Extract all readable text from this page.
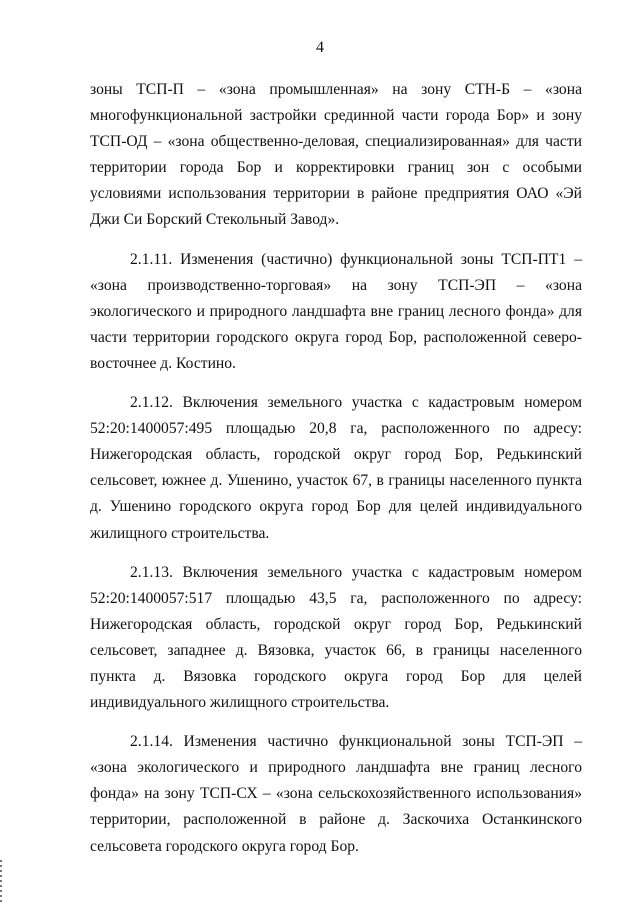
4

зоны ТСП-П – «зона промышленная» на зону СТН-Б – «зона многофункциональной застройки срединной части города Бор» и зону ТСП-ОД – «зона общественно-деловая, специализированная» для части территории города Бор и корректировки границ зон с особыми условиями использования территории в районе предприятия ОАО «Эй Джи Си Борский Стекольный Завод».

2.1.11. Изменения (частично) функциональной зоны ТСП-ПТ1 – «зона производственно-торговая» на зону ТСП-ЭП – «зона экологического и природного ландшафта вне границ лесного фонда» для части территории городского округа город Бор, расположенной северо-восточнее д. Костино.

2.1.12. Включения земельного участка с кадастровым номером 52:20:1400057:495 площадью 20,8 га, расположенного по адресу: Нижегородская область, городской округ город Бор, Редькинский сельсовет, южнее д. Ушенино, участок 67, в границы населенного пункта д. Ушенино городского округа город Бор для целей индивидуального жилищного строительства.

2.1.13. Включения земельного участка с кадастровым номером 52:20:1400057:517 площадью 43,5 га, расположенного по адресу: Нижегородская область, городской округ город Бор, Редькинский сельсовет, западнее д. Вязовка, участок 66, в границы населенного пункта д. Вязовка городского округа город Бор для целей индивидуального жилищного строительства.

2.1.14. Изменения частично функциональной зоны ТСП-ЭП – «зона экологического и природного ландшафта вне границ лесного фонда» на зону ТСП-СХ – «зона сельскохозяйственного использования» территории, расположенной в районе д. Заскочиха Останкинского сельсовета городского округа город Бор.
